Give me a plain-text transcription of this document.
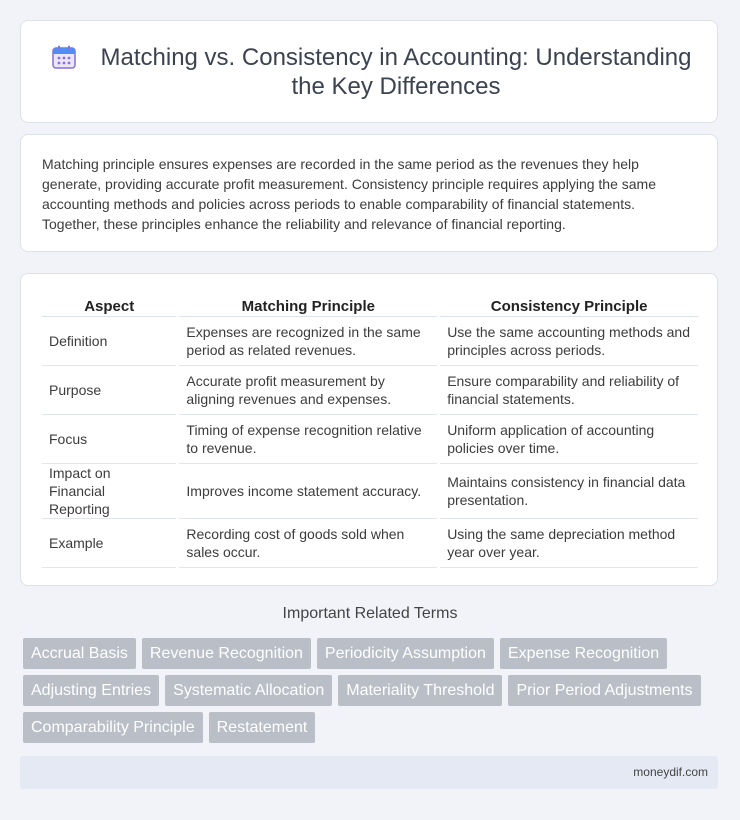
Matching vs. Consistency in Accounting: Understanding the Key Differences

Matching principle ensures expenses are recorded in the same period as the revenues they help generate, providing accurate profit measurement. Consistency principle requires applying the same accounting methods and policies across periods to enable comparability of financial statements. Together, these principles enhance the reliability and relevance of financial reporting.

Aspect		Matching Principle		Consistency Principle
Definition		Expenses are recognized in the same period as related revenues.		Use the same accounting methods and principles across periods.
Purpose		Accurate profit measurement by aligning revenues and expenses.		Ensure comparability and reliability of financial statements.
Focus		Timing of expense recognition relative to revenue.		Uniform application of accounting policies over time.
Impact on Financial Reporting		Improves income statement accuracy.		Maintains consistency in financial data presentation.
Example		Recording cost of goods sold when sales occur.		Using the same depreciation method year over year.
Important Related Terms
Accrual Basis	Revenue Recognition	Periodicity Assumption	Expense Recognition
Adjusting Entries	Systematic Allocation	Materiality Threshold	Prior Period Adjustments
Comparability Principle	Restatement
moneydif.com
